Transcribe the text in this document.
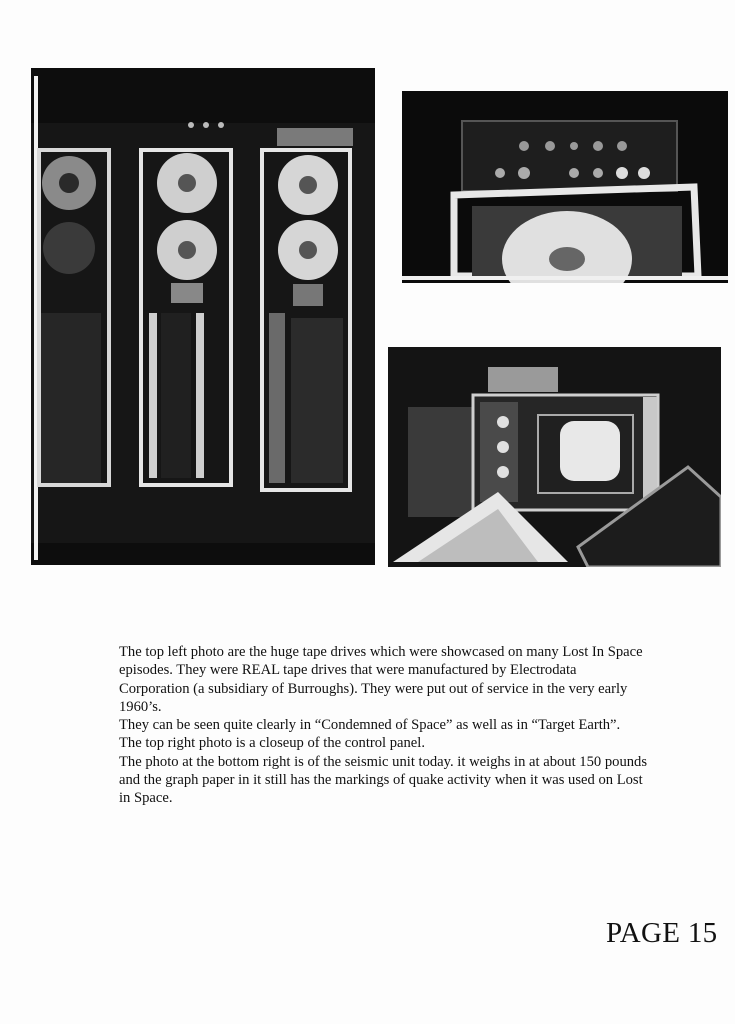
The top left photo are the huge tape drives which were showcased on many Lost In Space episodes. They were REAL tape drives that were manufactured by Electrodata Corporation (a subsidiary of Burroughs). They were put out of service in the very early 1960’s.

They can be seen quite clearly in “Condemned of Space” as well as in “Target Earth”.

The top right photo is a closeup of the control panel.

The photo at the bottom right is of the seismic unit today. it weighs in at about 150 pounds and the graph paper in it still has the markings of quake activity when it was used on Lost in Space.

PAGE 15
